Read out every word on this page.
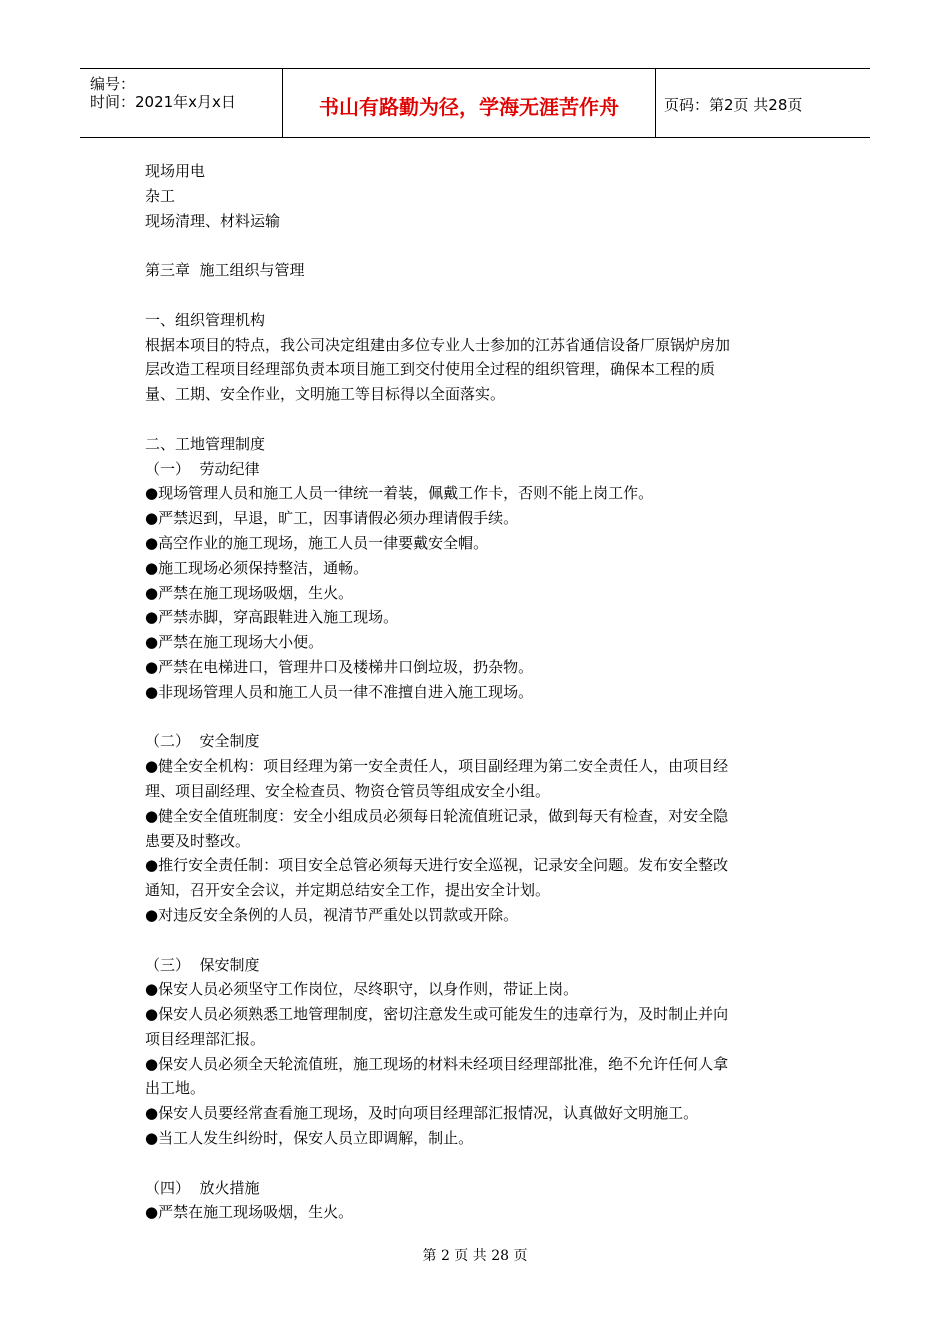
编号：
时间：2021年x月x日	书山有路勤为径，学海无涯苦作舟	页码：第2页 共28页

现场用电

杂工

现场清理、材料运输

第三章  施工组织与管理

一、组织管理机构

根据本项目的特点，我公司决定组建由多位专业人士参加的江苏省通信设备厂原锅炉房加

层改造工程项目经理部负责本项目施工到交付使用全过程的组织管理，确保本工程的质

量、工期、安全作业，文明施工等目标得以全面落实。

二、工地管理制度

（一）  劳动纪律

●现场管理人员和施工人员一律统一着装，佩戴工作卡，否则不能上岗工作。

●严禁迟到，早退，旷工，因事请假必须办理请假手续。

●高空作业的施工现场，施工人员一律要戴安全帽。

●施工现场必须保持整洁，通畅。

●严禁在施工现场吸烟，生火。

●严禁赤脚，穿高跟鞋进入施工现场。

●严禁在施工现场大小便。

●严禁在电梯进口，管理井口及楼梯井口倒垃圾，扔杂物。

●非现场管理人员和施工人员一律不准擅自进入施工现场。

（二）  安全制度

●健全安全机构：项目经理为第一安全责任人，项目副经理为第二安全责任人，由项目经

理、项目副经理、安全检查员、物资仓管员等组成安全小组。

●健全安全值班制度：安全小组成员必须每日轮流值班记录，做到每天有检查，对安全隐

患要及时整改。

●推行安全责任制：项目安全总管必须每天进行安全巡视，记录安全问题。发布安全整改

通知，召开安全会议，并定期总结安全工作，提出安全计划。

●对违反安全条例的人员，视清节严重处以罚款或开除。

（三）  保安制度

●保安人员必须坚守工作岗位，尽终职守，以身作则，带证上岗。

●保安人员必须熟悉工地管理制度，密切注意发生或可能发生的违章行为，及时制止并向

项目经理部汇报。

●保安人员必须全天轮流值班，施工现场的材料未经项目经理部批准，绝不允许任何人拿

出工地。

●保安人员要经常查看施工现场，及时向项目经理部汇报情况，认真做好文明施工。

●当工人发生纠纷时，保安人员立即调解，制止。

（四）  放火措施

●严禁在施工现场吸烟，生火。

第 2 页 共 28 页
